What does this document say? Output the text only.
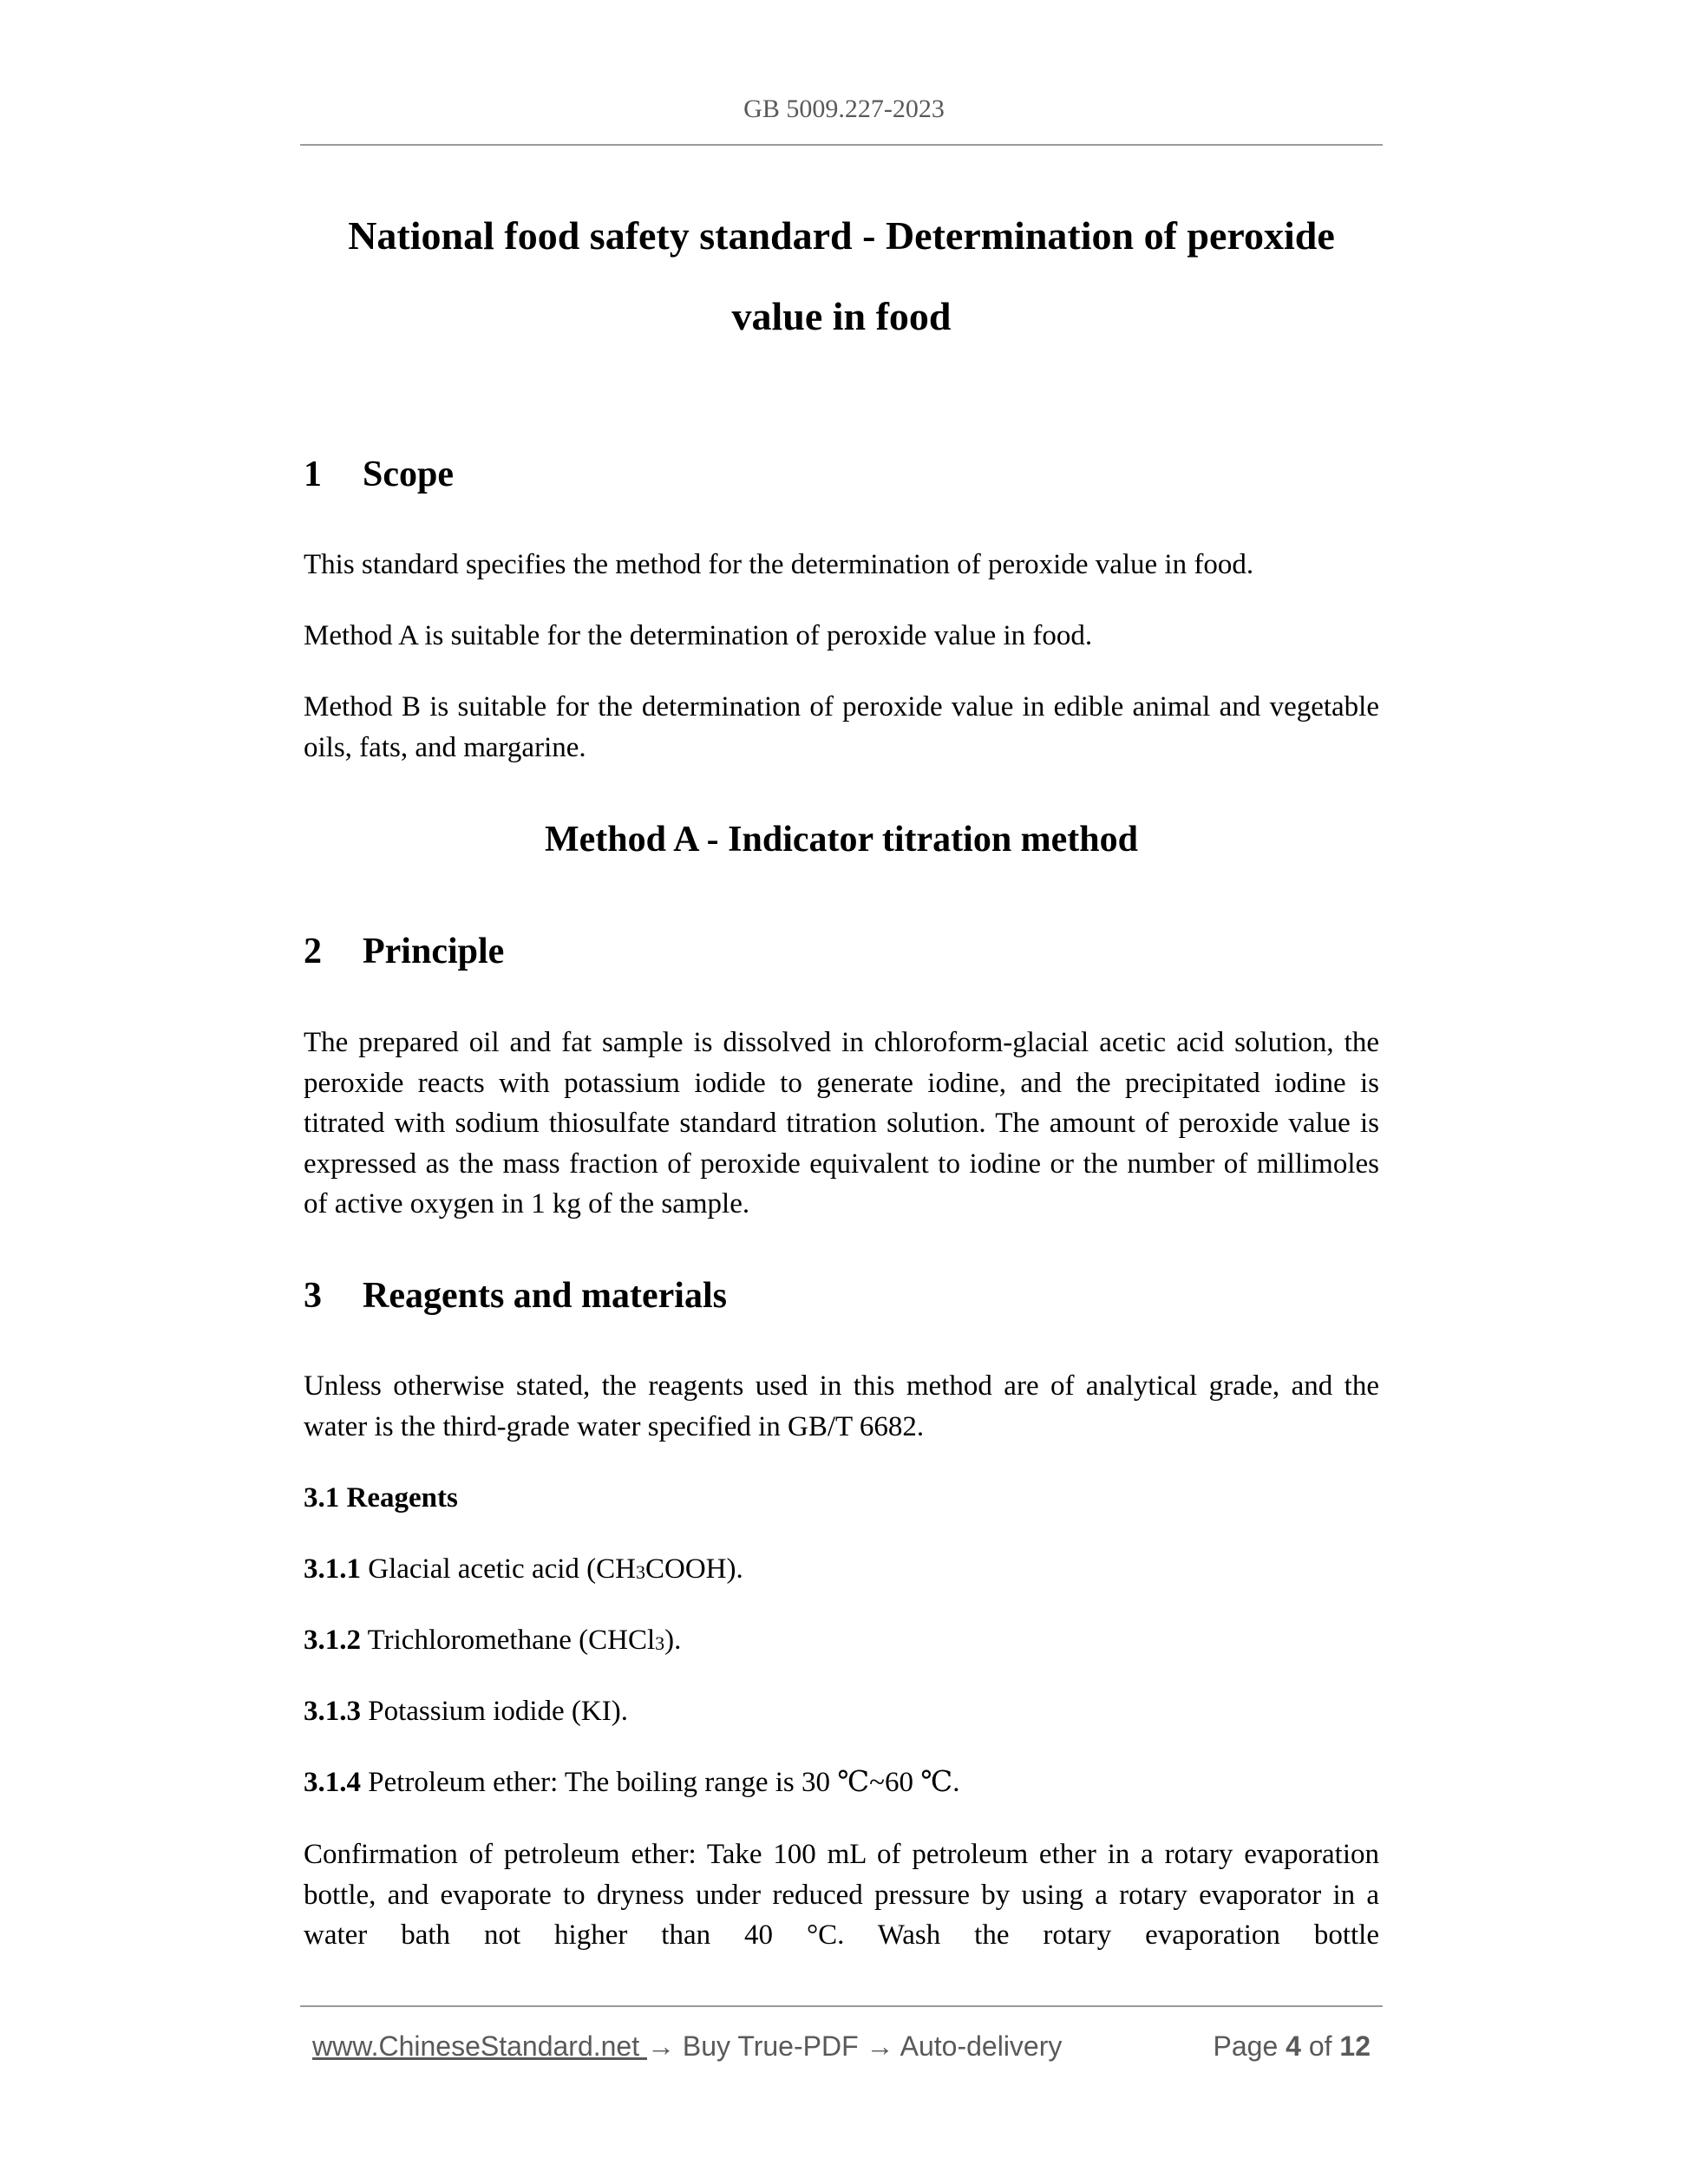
GB 5009.227-2023
National food safety standard - Determination of peroxide
value in food
1 Scope
This standard specifies the method for the determination of peroxide value in food.
Method A is suitable for the determination of peroxide value in food.
Method B is suitable for the determination of peroxide value in edible animal and vegetable oils, fats, and margarine.
Method A - Indicator titration method
2 Principle
The prepared oil and fat sample is dissolved in chloroform-glacial acetic acid solution, the peroxide reacts with potassium iodide to generate iodine, and the precipitated iodine is titrated with sodium thiosulfate standard titration solution. The amount of peroxide value is expressed as the mass fraction of peroxide equivalent to iodine or the number of millimoles of active oxygen in 1 kg of the sample.
3 Reagents and materials
Unless otherwise stated, the reagents used in this method are of analytical grade, and the water is the third-grade water specified in GB/T 6682.
3.1 Reagents
3.1.1 Glacial acetic acid $(CH_3COOH)$.
3.1.2 Trichloromethane (CHCl$_3$).
3.1.3 Potassium iodide (KI).
3.1.4 Petroleum ether: The boiling range is 30 ℃~60 ℃.
Confirmation of petroleum ether: Take 100 mL of petroleum ether in a rotary evaporation bottle, and evaporate to dryness under reduced pressure by using a rotary evaporator in a water bath not higher than 40 °C. Wash the rotary evaporation bottle
www.ChineseStandard.net → Buy True-PDF → Auto-delivery	Page 4 of 12
